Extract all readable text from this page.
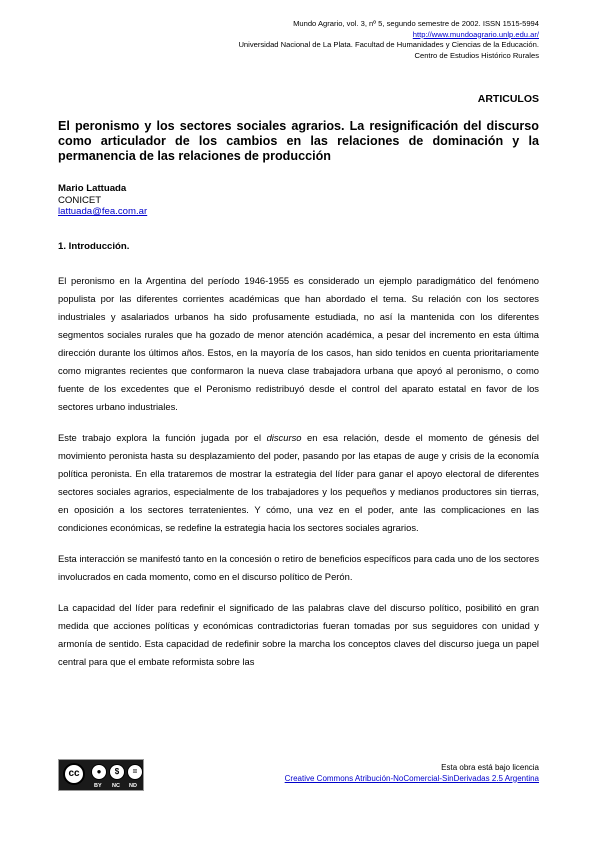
Mundo Agrario, vol. 3, nº 5, segundo semestre de 2002. ISSN 1515-5994
http://www.mundoagrario.unlp.edu.ar/
Universidad Nacional de La Plata. Facultad de Humanidades y Ciencias de la Educación.
Centro de Estudios Histórico Rurales
ARTICULOS
El peronismo y los sectores sociales agrarios. La resignificación del discurso como articulador de los cambios en las relaciones de dominación y la permanencia de las relaciones de producción
Mario Lattuada
CONICET
lattuada@fea.com.ar
1. Introducción.

El peronismo en la Argentina del período 1946-1955 es considerado un ejemplo paradigmático del fenómeno populista por las diferentes corrientes académicas que han abordado el tema. Su relación con los sectores industriales y asalariados urbanos ha sido profusamente estudiada, no así la mantenida con los diferentes segmentos sociales rurales que ha gozado de menor atención académica, a pesar del incremento en esta última dirección durante los últimos años. Estos, en la mayoría de los casos, han sido tenidos en cuenta prioritariamente como migrantes recientes que conformaron la nueva clase trabajadora urbana que apoyó al peronismo, o como fuente de los excedentes que el Peronismo redistribuyó desde el control del aparato estatal en favor de los sectores urbano industriales.

Este trabajo explora la función jugada por el discurso en esa relación, desde el momento de génesis del movimiento peronista hasta su desplazamiento del poder, pasando por las etapas de auge y crisis de la economía política peronista. En ella trataremos de mostrar la estrategia del líder para ganar el apoyo electoral de diferentes sectores sociales agrarios, especialmente de los trabajadores y los pequeños y medianos productores sin tierras, en oposición a los sectores terratenientes. Y cómo, una vez en el poder, ante las complicaciones en las condiciones económicas, se redefine la estrategia hacia los sectores sociales agrarios.

Esta interacción se manifestó tanto en la concesión o retiro de beneficios específicos para cada uno de los sectores involucrados en cada momento, como en el discurso político de Perón.

La capacidad del líder para redefinir el significado de las palabras clave del discurso político, posibilitó en gran medida que acciones políticas y económicas contradictorias fueran tomadas por sus seguidores con unidad y armonía de sentido. Esta capacidad de redefinir sobre la marcha los conceptos claves del discurso juega un papel central para que el embate reformista sobre las

cc	●	$	=
BY NC ND
Esta obra está bajo licencia
Creative Commons Atribución-NoComercial-SinDerivadas 2.5 Argentina
